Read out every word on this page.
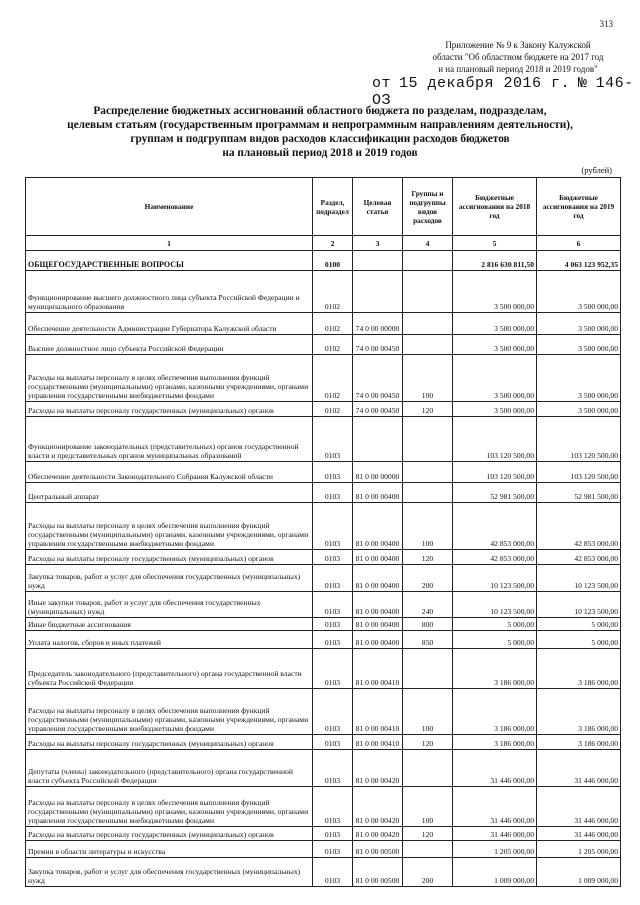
313
Приложение № 9 к Закону Калужской
области "Об областном бюджете на 2017 год
и на плановый период 2018 и 2019 годов"
от 15 декабря 2016 г. № 146-ОЗ
Распределение бюджетных ассигнований областного бюджета по разделам, подразделам,
целевым статьям (государственным программам и непрограммным направлениям деятельности),
группам и подгруппам видов расходов классификации расходов бюджетов
на плановый период 2018 и 2019 годов
(рублей)
Наименование	Раздел, подраздел	Целевая статья	Группы и подгруппы видов расходов	Бюджетные ассигнования на 2018 год	Бюджетные ассигнования на 2019 год
1	2	3	4	5	6
ОБЩЕГОСУДАРСТВЕННЫЕ ВОПРОСЫ	0100			2 816 630 811,50	4 063 123 952,35
Функционирование высшего должностного лица субъекта Российской Федерации и муниципального образования	0102			3 500 000,00	3 500 000,00
Обеспечение деятельности Администрации Губернатора Калужской области	0102	74 0 00 00000		3 500 000,00	3 500 000,00
Высшее должностное лицо субъекта Российской Федерации	0102	74 0 00 00450		3 500 000,00	3 500 000,00
Расходы на выплаты персоналу в целях обеспечения выполнения функций государственными (муниципальными) органами, казенными учреждениями, органами управления государственными внебюджетными фондами	0102	74 0 00 00450	100	3 500 000,00	3 500 000,00
Расходы на выплаты персоналу государственных (муниципальных) органов	0102	74 0 00 00450	120	3 500 000,00	3 500 000,00
Функционирование законодательных (представительных) органов государственной власти и представительных органов муниципальных образований	0103			103 120 500,00	103 120 500,00
Обеспечение деятельности Законодательного Собрания Калужской области	0103	81 0 00 00000		103 120 500,00	103 120 500,00
Центральный аппарат	0103	81 0 00 00400		52 981 500,00	52 981 500,00
Расходы на выплаты персоналу в целях обеспечения выполнения функций государственными (муниципальными) органами, казенными учреждениями, органами управления государственными внебюджетными фондами	0103	81 0 00 00400	100	42 853 000,00	42 853 000,00
Расходы на выплаты персоналу государственных (муниципальных) органов	0103	81 0 00 00400	120	42 853 000,00	42 853 000,00
Закупка товаров, работ и услуг для обеспечения государственных (муниципальных) нужд	0103	81 0 00 00400	200	10 123 500,00	10 123 500,00
Иные закупки товаров, работ и услуг для обеспечения государственных (муниципальных) нужд	0103	81 0 00 00400	240	10 123 500,00	10 123 500,00
Иные бюджетные ассигнования	0103	81 0 00 00400	800	5 000,00	5 000,00
Уплата налогов, сборов и иных платежей	0103	81 0 00 00400	850	5 000,00	5 000,00
Председатель законодательного (представительного) органа государственной власти субъекта Российской Федерации	0103	81 0 00 00410		3 186 000,00	3 186 000,00
Расходы на выплаты персоналу в целях обеспечения выполнения функций государственными (муниципальными) органами, казенными учреждениями, органами управления государственными внебюджетными фондами	0103	81 0 00 00410	100	3 186 000,00	3 186 000,00
Расходы на выплаты персоналу государственных (муниципальных) органов	0103	81 0 00 00410	120	3 186 000,00	3 186 000,00
Депутаты (члены) законодательного (представительного) органа государственной власти субъекта Российской Федерации	0103	81 0 00 00420		31 446 000,00	31 446 000,00
Расходы на выплаты персоналу в целях обеспечения выполнения функций государственными (муниципальными) органами, казенными учреждениями, органами управления государственными внебюджетными фондами	0103	81 0 00 00420	100	31 446 000,00	31 446 000,00
Расходы на выплаты персоналу государственных (муниципальных) органов	0103	81 0 00 00420	120	31 446 000,00	31 446 000,00
Премии в области литературы и искусства	0103	81 0 00 00500		1 205 000,00	1 205 000,00
Закупка товаров, работ и услуг для обеспечения государственных (муниципальных) нужд	0103	81 0 00 00500	200	1 009 000,00	1 009 000,00
